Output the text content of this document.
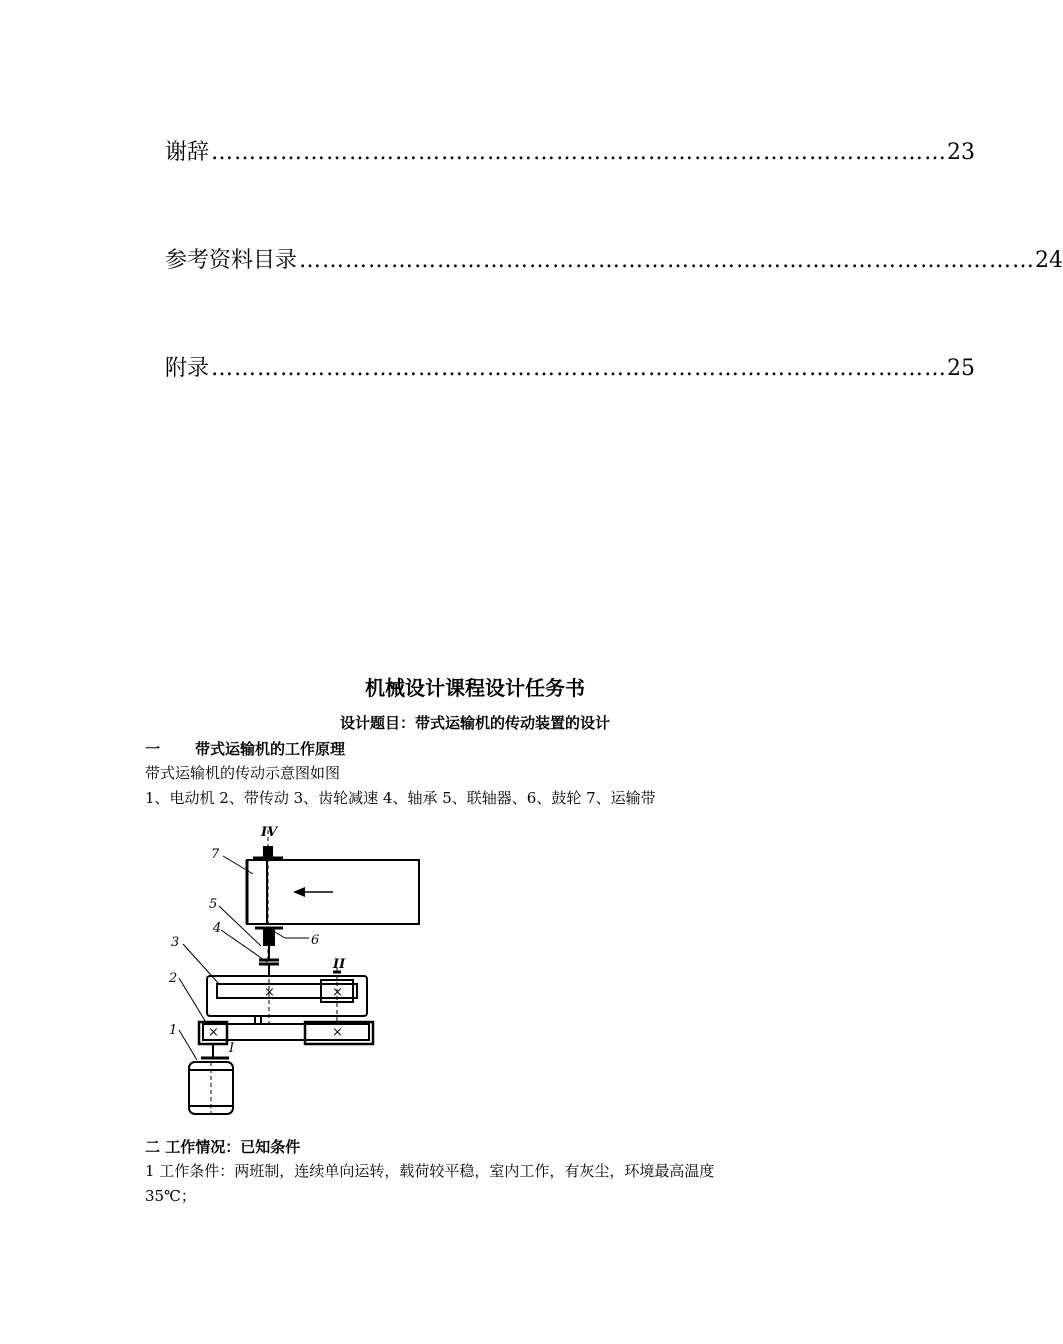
谢辞 …………………………………………………………………………………… 23
参考资料目录 …………………………………………………………………………………… 24
附录 …………………………………………………………………………………… 25
机械设计课程设计任务书
设计题目：带式运输机的传动装置的设计
一 带式运输机的工作原理
带式运输机的传动示意图如图
1、电动机 2、带传动 3、齿轮减速 4、轴承 5、联轴器、6、鼓轮 7、运输带
×	×
×	×
IV
II
I
7
5
6
4
3
2
1
二 工作情况：已知条件
1 工作条件：两班制，连续单向运转，载荷较平稳，室内工作，有灰尘，环境最高温度
35℃；
